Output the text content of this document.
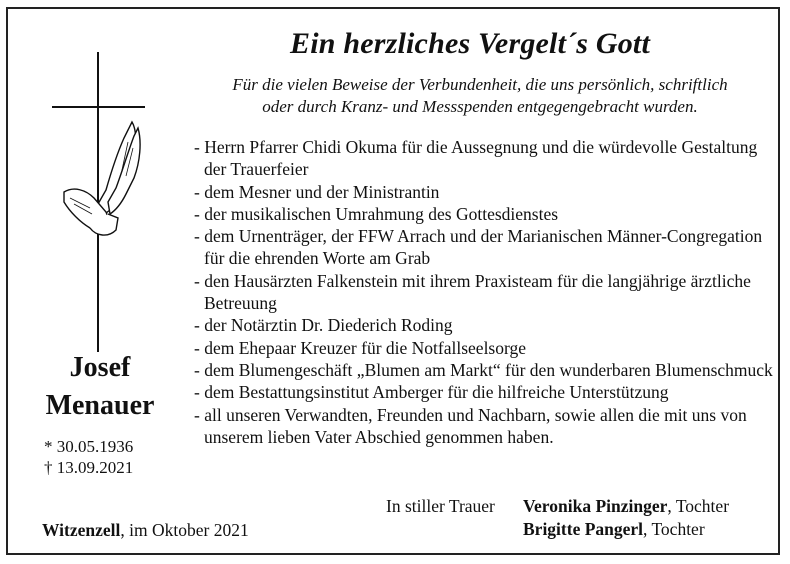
Ein herzliches Vergelt´s Gott
Für die vielen Beweise der Verbundenheit, die uns persönlich, schriftlich
oder durch Kranz- und Messspenden entgegengebracht wurden.
Josef
Menauer
* 30.05.1936
† 13.09.2021
- Herrn Pfarrer Chidi Okuma für die Aussegnung und die würdevolle Gestaltung der Trauerfeier
- dem Mesner und der Ministrantin
- der musikalischen Umrahmung des Gottesdienstes
- dem Urnenträger, der FFW Arrach und der Marianischen Männer-Congregation für die ehrenden Worte am Grab
- den Hausärzten Falkenstein mit ihrem Praxisteam für die langjährige ärztliche Betreuung
- der Notärztin Dr. Diederich Roding
- dem Ehepaar Kreuzer für die Notfallseelsorge
- dem Blumengeschäft „Blumen am Markt“ für den wunderbaren Blumenschmuck
- dem Bestattungsinstitut Amberger für die hilfreiche Unterstützung
- all unseren Verwandten, Freunden und Nachbarn, sowie allen die mit uns von unserem lieben Vater Abschied genommen haben.
In stiller Trauer Veronika Pinzinger, Tochter
Brigitte Pangerl, Tochter
Witzenzell, im Oktober 2021
